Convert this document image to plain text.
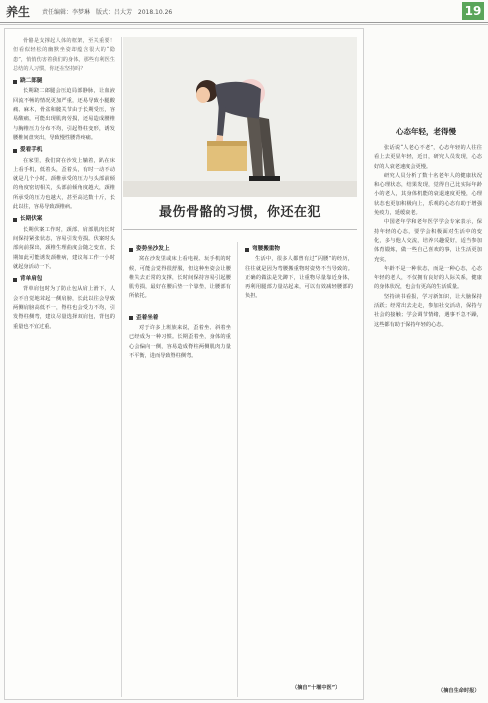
养生 责任编辑：李梦琳 版式：吕大芳 2018.10.26	19

骨骼是支撑起人体的框架，至关重要！但看似轻松的幽默坐姿却蕴含很大的“隐患”，悄悄伤害着我们的身体，那些有利医生总结的人习惯，你还在坚持吗？

跷二郎腿

长期跷二郎腿会压迫局部静脉，让血液回流不畅的情况更加严重，还易导致小腿酸痛、麻木，骨盆和髋关节由于长期受压，容易酸痛，可能出现肌肉劳损，还易造成腰椎与胸椎压力分布不均，引起脊柱变形，诱发腰椎间盘突出，导致慢性腰背疼痛。

爱看手机

在家里，我们窝在沙发上躺着，趴在床上看手机，低着头，歪着头，有时一动不动就是几个小时。颈椎承受的压力与头部前倾的角度密切相关，头部前倾角度越大，颈椎所承受的压力也越大，甚至高达数十斤，长此以往，容易导致颈椎病。

长期伏案

长期伏案工作时，颈部、肩部肌肉长时间保持紧张状态，容易引发劳损。伏案时头部向前探出，颈椎生理曲度会随之变直，长期如此可能诱发颈椎病，建议每工作一小时就起身活动一下。

背单肩包

背单肩包时为了防止包从肩上滑下，人会不自觉地耸起一侧肩膀，长此以往会导致两侧肩膀高低不一，脊柱也会受力不均，引发脊柱侧弯，建议尽量选择双肩包，背包的重量也不宜过重。

最伤骨骼的习惯，你还在犯
姿势坐沙发上

窝在沙发里或床上看电视、玩手机的时候，可能会觉得很舒服，但这种坐姿会让腰椎失去正常的支撑，长时间保持容易引起腰肌劳损，最好在腰后垫一个靠垫，让腰部有所依托。

歪着坐着

对于许多上班族来说，歪着坐、斜着坐已经成为一种习惯。长期歪着坐，身体的重心会偏向一侧，容易造成脊柱两侧肌肉力量不平衡，进而导致脊柱侧弯。

弯腰搬重物

生活中，很多人都曾有过“闪腰”的经历，往往就是因为弯腰搬重物时姿势不当导致的。正确的做法是先蹲下，让重物尽量靠近身体，再利用腿部力量站起来，可以有效减轻腰部的负担。

（摘自“十堰中医”）
心态年轻，老得慢

张话说“人老心不老”，心态年轻的人往往看上去更显年轻，近日，研究人员发现，心态好的人衰老速度会更慢。

研究人员分析了数十名老年人的健康状况和心理状态，结果发现，觉得自己比实际年龄小的老人，其身体机能的衰退速度更慢，心理状态也更加积极向上，乐观的心态有助于增强免疫力，延缓衰老。

中国老年学和老年医学学会专家表示，保持年轻的心态，要学会积极面对生活中的变化，多与他人交流，培养兴趣爱好，适当参加体育锻炼，做一些自己喜欢的事，让生活更加充实。

年龄不是一种状态，而是一种心态，心态年轻的老人，不仅拥有良好的人际关系，健康的身体状况，也会有更高的生活质量。

坚持读书看报，学习新知识，让大脑保持活跃；经常出去走走，参加社交活动，保持与社会的接触；学会调节情绪，遇事不急不躁，这些都有助于保持年轻的心态。

（摘自生命时报）
